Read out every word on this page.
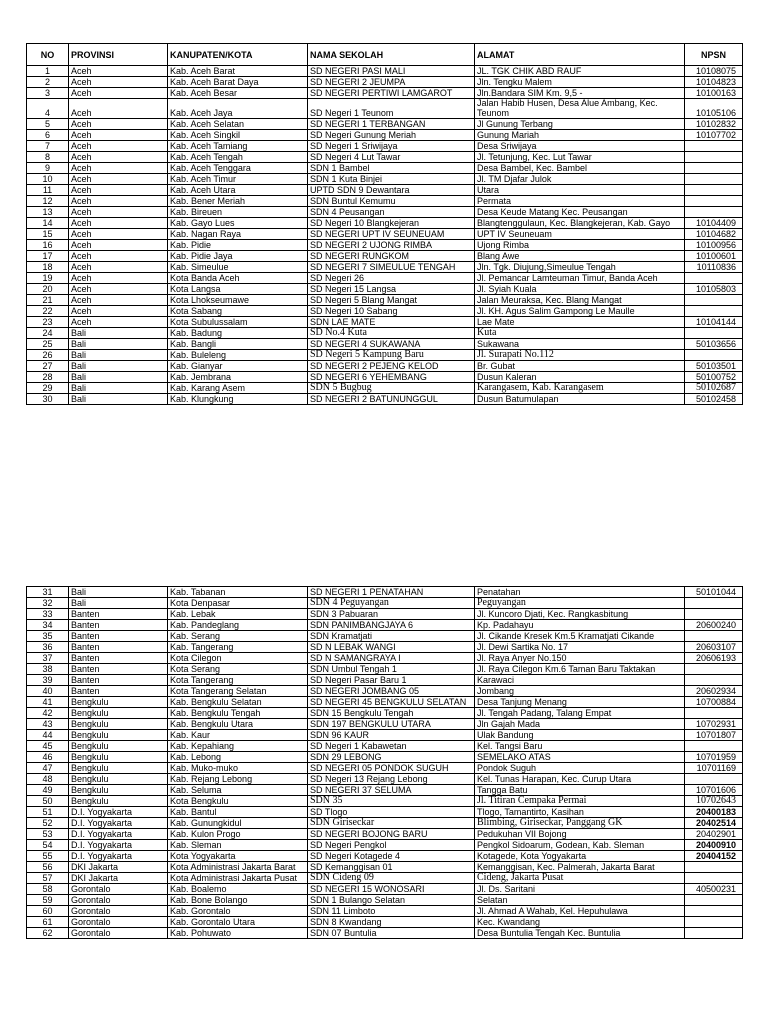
NO	PROVINSI	KANUPATEN/KOTA	NAMA SEKOLAH	ALAMAT	NPSN
1	Aceh	Kab. Aceh Barat	SD NEGERI PASI MALI	JL. TGK CHIK ABD RAUF	10108075
2	Aceh	Kab. Aceh Barat Daya	SD NEGERI 2 JEUMPA	Jln. Tengku Malem	10104823
3	Aceh	Kab. Aceh Besar	SD NEGERI PERTIWI LAMGAROT	Jln.Bandara SIM Km. 9,5 -	10100163
4	Aceh	Kab. Aceh Jaya	SD Negeri 1 Teunom	Jalan Habib Husen, Desa Alue Ambang, Kec. Teunom	10105106
5	Aceh	Kab. Aceh Selatan	SD NEGERI 1 TERBANGAN	Jl Gunung Terbang	10102832
6	Aceh	Kab. Aceh Singkil	SD Negeri Gunung Meriah	Gunung Mariah	10107702
7	Aceh	Kab. Aceh Tamiang	SD Negeri 1 Sriwijaya	Desa Sriwijaya	
8	Aceh	Kab. Aceh Tengah	SD Negeri 4 Lut Tawar	Jl. Tetunjung, Kec. Lut Tawar	
9	Aceh	Kab. Aceh Tenggara	SDN 1 Bambel	Desa Bambel, Kec. Bambel	
10	Aceh	Kab. Aceh Timur	SDN 1 Kuta Binjei	Jl. TM Djafar Julok	
11	Aceh	Kab. Aceh Utara	UPTD SDN 9 Dewantara	Utara	
12	Aceh	Kab. Bener Meriah	SDN Buntul Kemumu	Permata	
13	Aceh	Kab. Bireuen	SDN 4 Peusangan	Desa Keude Matang Kec. Peusangan	
14	Aceh	Kab. Gayo Lues	SD Negeri 10 Blangkejeran	Blangtenggulaun, Kec. Blangkejeran, Kab. Gayo	10104409
15	Aceh	Kab. Nagan Raya	SD NEGERI UPT IV SEUNEUAM	UPT IV Seuneuam	10104682
16	Aceh	Kab. Pidie	SD NEGERI 2 UJONG RIMBA	Ujong Rimba	10100956
17	Aceh	Kab. Pidie Jaya	SD NEGERI RUNGKOM	Blang Awe	10100601
18	Aceh	Kab. Simeulue	SD NEGERI 7 SIMEULUE TENGAH	Jln. Tgk. Diujung,Simeulue Tengah	10110836
19	Aceh	Kota Banda Aceh	SD Negeri 26	Jl. Pemancar Lamteuman Timur, Banda Aceh	
20	Aceh	Kota Langsa	SD Negeri 15 Langsa	Jl. Syiah Kuala	10105803
21	Aceh	Kota Lhokseumawe	SD Negeri 5 Blang Mangat	Jalan Meuraksa, Kec. Blang Mangat	
22	Aceh	Kota Sabang	SD Negeri 10 Sabang	Jl. KH. Agus Salim Gampong Le Maulle	
23	Aceh	Kota Subulussalam	SDN LAE MATE	Lae Mate	10104144
24	Bali	Kab. Badung	SD No.4 Kuta	Kuta	
25	Bali	Kab. Bangli	SD NEGERI 4 SUKAWANA	Sukawana	50103656
26	Bali	Kab. Buleleng	SD Negeri 5 Kampung Baru	Jl. Surapati No.112	
27	Bali	Kab. Gianyar	SD NEGERI 2 PEJENG KELOD	Br. Gubat	50103501
28	Bali	Kab. Jembrana	SD NEGERI 6 YEHEMBANG	Dusun Kaleran	50100752
29	Bali	Kab. Karang Asem	SDN 5 Bugbug	Karangasem, Kab. Karangasem	50102687
30	Bali	Kab. Klungkung	SD NEGERI 2 BATUNUNGGUL	Dusun Batumulapan	50102458
31	Bali	Kab. Tabanan	SD NEGERI 1 PENATAHAN	Penatahan	50101044
32	Bali	Kota Denpasar	SDN 4 Peguyangan	Peguyangan	
33	Banten	Kab. Lebak	SDN 3 Pabuaran	Jl. Kuncoro Djati, Kec. Rangkasbitung	
34	Banten	Kab. Pandeglang	SDN PANIMBANGJAYA 6	Kp. Padahayu	20600240
35	Banten	Kab. Serang	SDN Kramatjati	Jl. Cikande Kresek Km.5 Kramatjati Cikande	
36	Banten	Kab. Tangerang	SD N LEBAK WANGI	Jl. Dewi Sartika No. 17	20603107
37	Banten	Kota Cilegon	SD N SAMANGRAYA I	Jl. Raya Anyer No.150	20606193
38	Banten	Kota Serang	SDN Umbul Tengah 1	Jl. Raya Cilegon Km.6 Taman Baru Taktakan	
39	Banten	Kota Tangerang	SD Negeri Pasar Baru 1	Karawaci	
40	Banten	Kota Tangerang Selatan	SD NEGERI JOMBANG 05	Jombang	20602934
41	Bengkulu	Kab. Bengkulu Selatan	SD NEGERI 45 BENGKULU SELATAN	Desa Tanjung Menang	10700884
42	Bengkulu	Kab. Bengkulu Tengah	SDN 15 Bengkulu Tengah	Jl. Tengah Padang, Talang Empat	
43	Bengkulu	Kab. Bengkulu Utara	SDN 197 BENGKULU UTARA	Jln Gajah Mada	10702931
44	Bengkulu	Kab. Kaur	SDN 96 KAUR	Ulak Bandung	10701807
45	Bengkulu	Kab. Kepahiang	SD Negeri 1 Kabawetan	Kel. Tangsi Baru	
46	Bengkulu	Kab. Lebong	SDN 29 LEBONG	SEMELAKO ATAS	10701959
47	Bengkulu	Kab. Muko-muko	SD NEGERI 05 PONDOK SUGUH	Pondok Suguh	10701169
48	Bengkulu	Kab. Rejang Lebong	SD Negeri 13 Rejang Lebong	Kel. Tunas Harapan, Kec. Curup Utara	
49	Bengkulu	Kab. Seluma	SD NEGERI 37 SELUMA	Tangga Batu	10701606
50	Bengkulu	Kota Bengkulu	SDN 35	Jl. Titiran Cempaka Permai	10702643
51	D.I. Yogyakarta	Kab. Bantul	SD Tlogo	Tlogo, Tamantirto, Kasihan	20400183
52	D.I. Yogyakarta	Kab. Gunungkidul	SDN Giriseckar	Blimbing, Giriseckar, Panggang GK	20402514
53	D.I. Yogyakarta	Kab. Kulon Progo	SD NEGERI BOJONG BARU	Pedukuhan VII Bojong	20402901
54	D.I. Yogyakarta	Kab. Sleman	SD Negeri Pengkol	Pengkol Sidoarum, Godean, Kab. Sleman	20400910
55	D.I. Yogyakarta	Kota Yogyakarta	SD Negeri Kotagede 4	Kotagede, Kota Yogyakarta	20404152
56	DKI Jakarta	Kota Administrasi Jakarta Barat	SD Kemanggisan 01	Kemanggisan, Kec. Palmerah, Jakarta Barat	
57	DKI Jakarta	Kota Administrasi Jakarta Pusat	SDN Cideng 09	Cideng, Jakarta Pusat	
58	Gorontalo	Kab. Boalemo	SD NEGERI 15 WONOSARI	Jl. Ds. Saritani	40500231
59	Gorontalo	Kab. Bone Bolango	SDN 1 Bulango Selatan	Selatan	
60	Gorontalo	Kab. Gorontalo	SDN 11 Limboto	Jl. Ahmad A Wahab, Kel. Hepuhulawa	
61	Gorontalo	Kab. Gorontalo Utara	SDN 8 Kwandang	Kec. Kwandang	
62	Gorontalo	Kab. Pohuwato	SDN 07 Buntulia	Desa Buntulia Tengah Kec. Buntulia	
